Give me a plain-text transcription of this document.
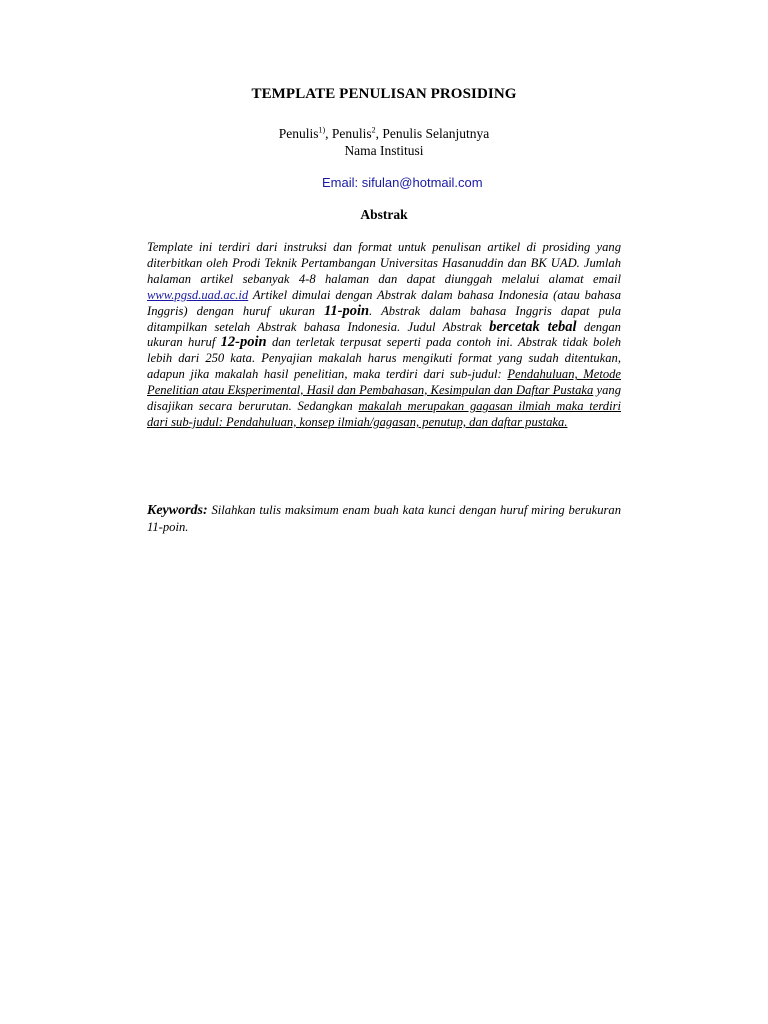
TEMPLATE PENULISAN PROSIDING
Penulis$^{1)}$, Penulis$^2$, Penulis Selanjutnya
Nama Institusi
Email: sifulan@hotmail.com
Abstrak
Template ini terdiri dari instruksi dan format untuk penulisan artikel di prosiding yang diterbitkan oleh Prodi Teknik Pertambangan Universitas Hasanuddin dan BK UAD. Jumlah halaman artikel sebanyak 4-8 halaman dan dapat diunggah melalui alamat email www.pgsd.uad.ac.id Artikel dimulai dengan Abstrak dalam bahasa Indonesia (atau bahasa Inggris) dengan huruf ukuran 11-poin. Abstrak dalam bahasa Inggris dapat pula ditampilkan setelah Abstrak bahasa Indonesia. Judul Abstrak bercetak tebal dengan ukuran huruf 12-poin dan terletak terpusat seperti pada contoh ini. Abstrak tidak boleh lebih dari 250 kata. Penyajian makalah harus mengikuti format yang sudah ditentukan, adapun jika makalah hasil penelitian, maka terdiri dari sub-judul: Pendahuluan, Metode Penelitian atau Eksperimental, Hasil dan Pembahasan, Kesimpulan dan Daftar Pustaka yang disajikan secara berurutan. Sedangkan makalah merupakan gagasan ilmiah maka terdiri dari sub-judul: Pendahuluan, konsep ilmiah/gagasan, penutup, dan daftar pustaka.
Keywords: Silahkan tulis maksimum enam buah kata kunci dengan huruf miring berukuran 11-poin.
